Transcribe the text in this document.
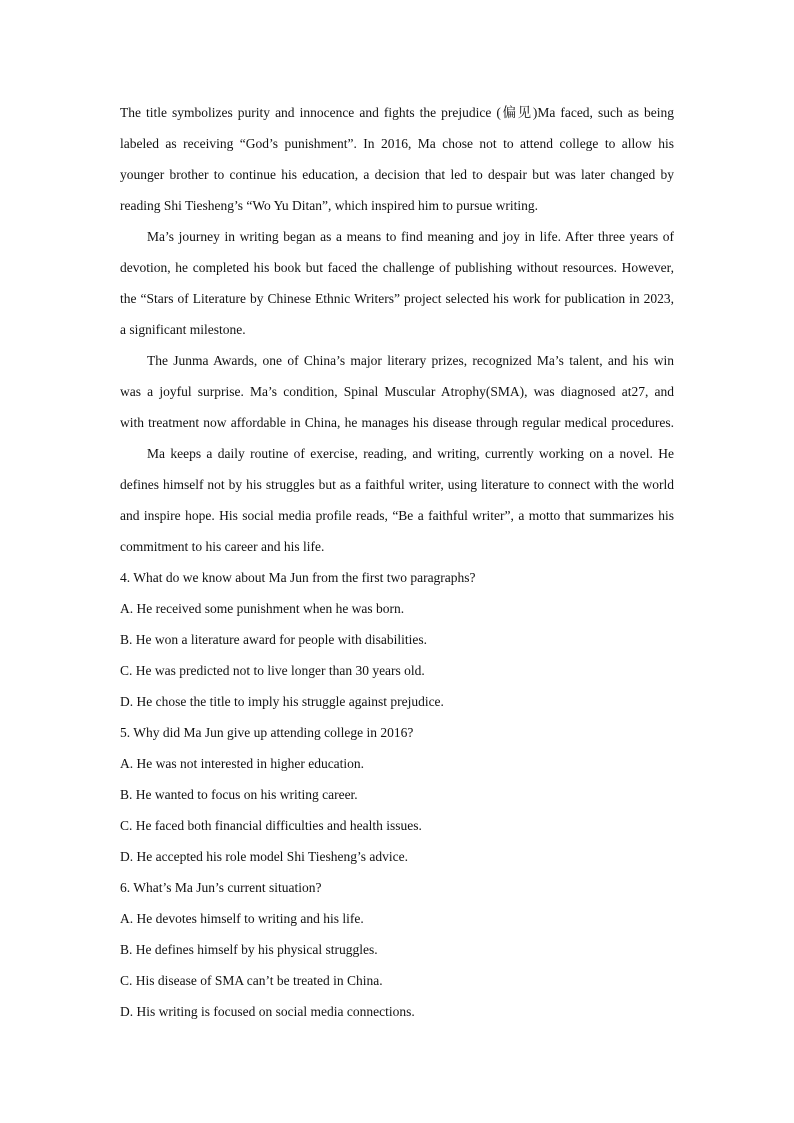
The title symbolizes purity and innocence and fights the prejudice (偏见)Ma faced, such as being
labeled as receiving “God’s punishment”. In 2016, Ma chose not to attend college to allow his
younger brother to continue his education, a decision that led to despair but was later changed by
reading Shi Tiesheng’s “Wo Yu Ditan”, which inspired him to pursue writing.
Ma’s journey in writing began as a means to find meaning and joy in life. After three years of
devotion, he completed his book but faced the challenge of publishing without resources. However,
the “Stars of Literature by Chinese Ethnic Writers” project selected his work for publication in 2023,
a significant milestone.
The Junma Awards, one of China’s major literary prizes, recognized Ma’s talent, and his win
was a joyful surprise. Ma’s condition, Spinal Muscular Atrophy(SMA), was diagnosed at27, and
with treatment now affordable in China, he manages his disease through regular medical procedures.
Ma keeps a daily routine of exercise, reading, and writing, currently working on a novel. He
defines himself not by his struggles but as a faithful writer, using literature to connect with the world
and inspire hope. His social media profile reads, “Be a faithful writer”, a motto that summarizes his
commitment to his career and his life.
4. What do we know about Ma Jun from the first two paragraphs?
A. He received some punishment when he was born.
B. He won a literature award for people with disabilities.
C. He was predicted not to live longer than 30 years old.
D. He chose the title to imply his struggle against prejudice.
5. Why did Ma Jun give up attending college in 2016?
A. He was not interested in higher education.
B. He wanted to focus on his writing career.
C. He faced both financial difficulties and health issues.
D. He accepted his role model Shi Tiesheng’s advice.
6. What’s Ma Jun’s current situation?
A. He devotes himself to writing and his life.
B. He defines himself by his physical struggles.
C. His disease of SMA can’t be treated in China.
D. His writing is focused on social media connections.
